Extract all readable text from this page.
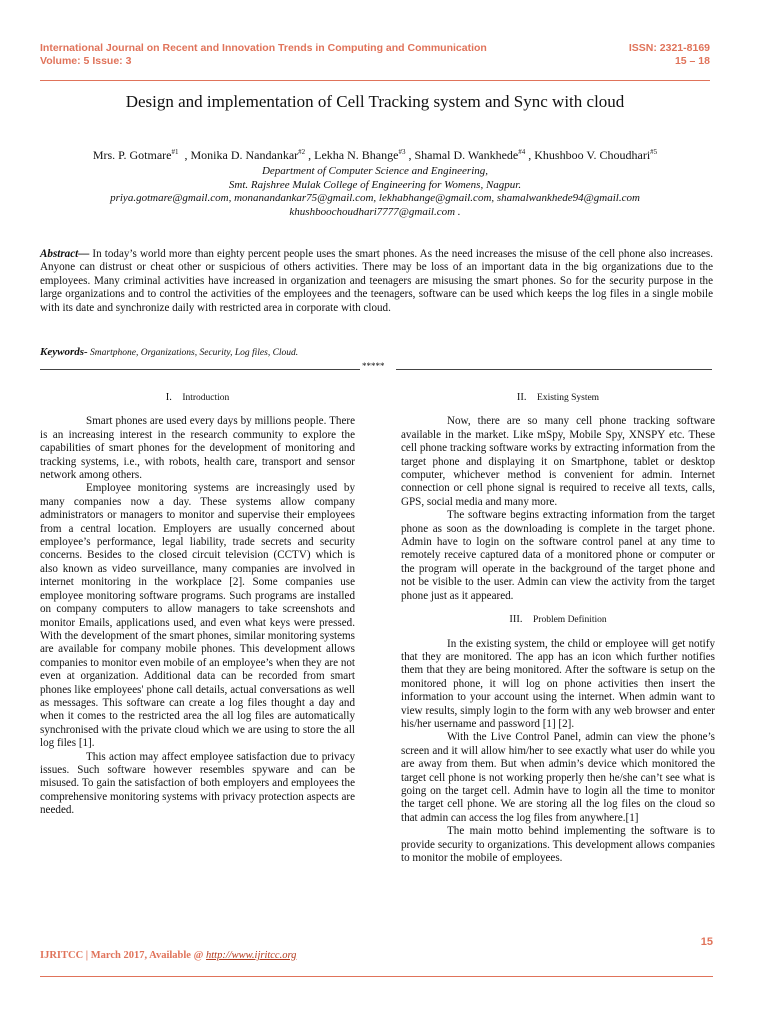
International Journal on Recent and Innovation Trends in Computing and Communication
Volume: 5 Issue: 3
ISSN: 2321-8169
15 – 18
Design and implementation of Cell Tracking system and Sync with cloud
Mrs. P. Gotmare$^{\#1}$  , Monika D. Nandankar$^{\#2}$ , Lekha N. Bhange$^{\#3}$ , Shamal D. Wankhede$^{\#4}$ , Khushboo V. Choudhari$^{\#5}$
Department of Computer Science and Engineering,
Smt. Rajshree Mulak College of Engineering for Womens, Nagpur.
priya.gotmare@gmail.com, monanandankar75@gmail.com, lekhabhange@gmail.com, shamalwankhede94@gmail.com
khushboochoudhari7777@gmail.com .
Abstract— In today’s world more than eighty percent people uses the smart phones. As the need increases the misuse of the cell phone also increases. Anyone can distrust or cheat other or suspicious of others activities. There may be loss of an important data in the big organizations due to the employees. Many criminal activities have increased in organization and teenagers are misusing the smart phones. So for the security purpose in the large organizations and to control the activities of the employees and the teenagers, software can be used which keeps the log files in a single mobile with its date and synchronize daily with restricted area in corporate with cloud.
Keywords- Smartphone, Organizations, Security, Log files, Cloud.
*****
I. Introduction

Smart phones are used every days by millions people. There is an increasing interest in the research community to explore the capabilities of smart phones for the development of monitoring and tracking systems, i.e., with robots, health care, transport and sensor network among others.

Employee monitoring systems are increasingly used by many companies now a day. These systems allow company administrators or managers to monitor and supervise their employees from a central location. Employers are usually concerned about employee’s performance, legal liability, trade secrets and security concerns. Besides to the closed circuit television (CCTV) which is also known as video surveillance, many companies are involved in internet monitoring in the workplace [2]. Some companies use employee monitoring software programs. Such programs are installed on company computers to allow managers to take screenshots and monitor Emails, applications used, and even what keys were pressed. With the development of the smart phones, similar monitoring systems are available for company mobile phones. This development allows companies to monitor even mobile of an employee’s when they are not even at organization. Additional data can be recorded from smart phones like employees' phone call details, actual conversations as well as messages. This software can create a log files thought a day and when it comes to the restricted area the all log files are automatically synchronised with the private cloud which we are using to store the all log files [1].

This action may affect employee satisfaction due to privacy issues. Such software however resembles spyware and can be misused. To gain the satisfaction of both employers and employees the comprehensive monitoring systems with privacy protection aspects are needed.

II. Existing System

Now, there are so many cell phone tracking software available in the market. Like mSpy, Mobile Spy, XNSPY etc. These cell phone tracking software works by extracting information from the target phone and displaying it on Smartphone, tablet or desktop computer, whichever method is convenient for admin. Internet connection or cell phone signal is required to receive all texts, calls, GPS, social media and many more.

The software begins extracting information from the target phone as soon as the downloading is complete in the target phone. Admin have to login on the software control panel at any time to remotely receive captured data of a monitored phone or computer or the program will operate in the background of the target phone and not be visible to the user. Admin can view the activity from the target phone just as it appeared.

III. Problem Definition

In the existing system, the child or employee will get notify that they are monitored. The app has an icon which further notifies them that they are being monitored. After the software is setup on the monitored phone, it will log on phone activities then insert the information to your account using the internet. When admin want to view results, simply login to the form with any web browser and enter his/her username and password [1] [2].

With the Live Control Panel, admin can view the phone’s screen and it will allow him/her to see exactly what user do while you are away from them. But when admin’s device which monitored the target cell phone is not working properly then he/she can’t see what is going on the target cell. Admin have to login all the time to monitor the target cell phone. We are storing all the log files on the cloud so that admin can access the log files from anywhere.[1]

The main motto behind implementing the software is to provide security to organizations. This development allows companies to monitor the mobile of employees.

15
IJRITCC | March 2017, Available @ http://www.ijritcc.org
